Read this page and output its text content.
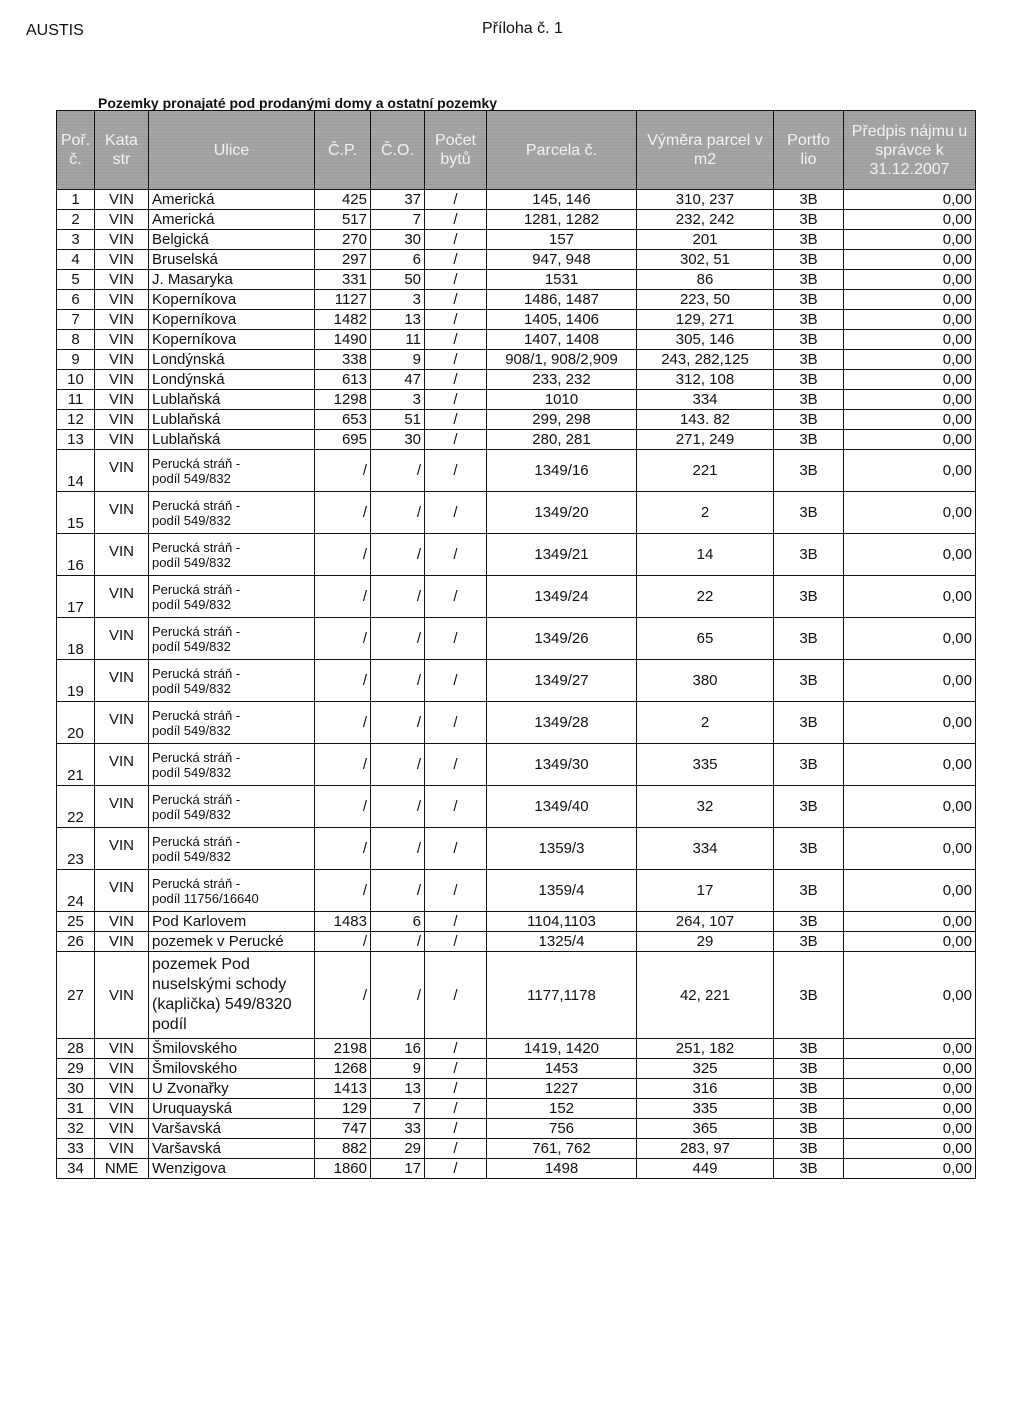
AUSTIS	Příloha č. 1
Pozemky pronajaté pod prodanými domy a ostatní pozemky
Poř. č.	Kata str	Ulice	Č.P.	Č.O.	Počet bytů	Parcela č.	Výměra parcel v m2	Portfo lio	Předpis nájmu u správce k 31.12.2007
1	VIN	Americká	425	37	/	145, 146	310, 237	3B	0,00
2	VIN	Americká	517	7	/	1281, 1282	232, 242	3B	0,00
3	VIN	Belgická	270	30	/	157	201	3B	0,00
4	VIN	Bruselská	297	6	/	947, 948	302, 51	3B	0,00
5	VIN	J. Masaryka	331	50	/	1531	86	3B	0,00
6	VIN	Koperníkova	1127	3	/	1486, 1487	223, 50	3B	0,00
7	VIN	Koperníkova	1482	13	/	1405, 1406	129, 271	3B	0,00
8	VIN	Koperníkova	1490	11	/	1407, 1408	305, 146	3B	0,00
9	VIN	Londýnská	338	9	/	908/1, 908/2,909	243, 282,125	3B	0,00
10	VIN	Londýnská	613	47	/	233, 232	312, 108	3B	0,00
11	VIN	Lublaňská	1298	3	/	1010	334	3B	0,00
12	VIN	Lublaňská	653	51	/	299, 298	143. 82	3B	0,00
13	VIN	Lublaňská	695	30	/	280, 281	271, 249	3B	0,00
14	VIN	Perucká stráň -
podíl 549/832	/	/	/	1349/16	221	3B	0,00
15	VIN	Perucká stráň -
podíl 549/832	/	/	/	1349/20	2	3B	0,00
16	VIN	Perucká stráň -
podíl 549/832	/	/	/	1349/21	14	3B	0,00
17	VIN	Perucká stráň -
podíl 549/832	/	/	/	1349/24	22	3B	0,00
18	VIN	Perucká stráň -
podíl 549/832	/	/	/	1349/26	65	3B	0,00
19	VIN	Perucká stráň -
podíl 549/832	/	/	/	1349/27	380	3B	0,00
20	VIN	Perucká stráň -
podíl 549/832	/	/	/	1349/28	2	3B	0,00
21	VIN	Perucká stráň -
podíl 549/832	/	/	/	1349/30	335	3B	0,00
22	VIN	Perucká stráň -
podíl 549/832	/	/	/	1349/40	32	3B	0,00
23	VIN	Perucká stráň -
podíl 549/832	/	/	/	1359/3	334	3B	0,00
24	VIN	Perucká stráň -
podíl 11756/16640	/	/	/	1359/4	17	3B	0,00
25	VIN	Pod Karlovem	1483	6	/	1104,1103	264, 107	3B	0,00
26	VIN	pozemek v Perucké	/	/	/	1325/4	29	3B	0,00
27	VIN	pozemek Pod nuselskými schody (kaplička) 549/8320 podíl	/	/	/	1177,1178	42, 221	3B	0,00
28	VIN	Šmilovského	2198	16	/	1419, 1420	251, 182	3B	0,00
29	VIN	Šmilovského	1268	9	/	1453	325	3B	0,00
30	VIN	U Zvonařky	1413	13	/	1227	316	3B	0,00
31	VIN	Uruquayská	129	7	/	152	335	3B	0,00
32	VIN	Varšavská	747	33	/	756	365	3B	0,00
33	VIN	Varšavská	882	29	/	761, 762	283, 97	3B	0,00
34	NME	Wenzigova	1860	17	/	1498	449	3B	0,00
